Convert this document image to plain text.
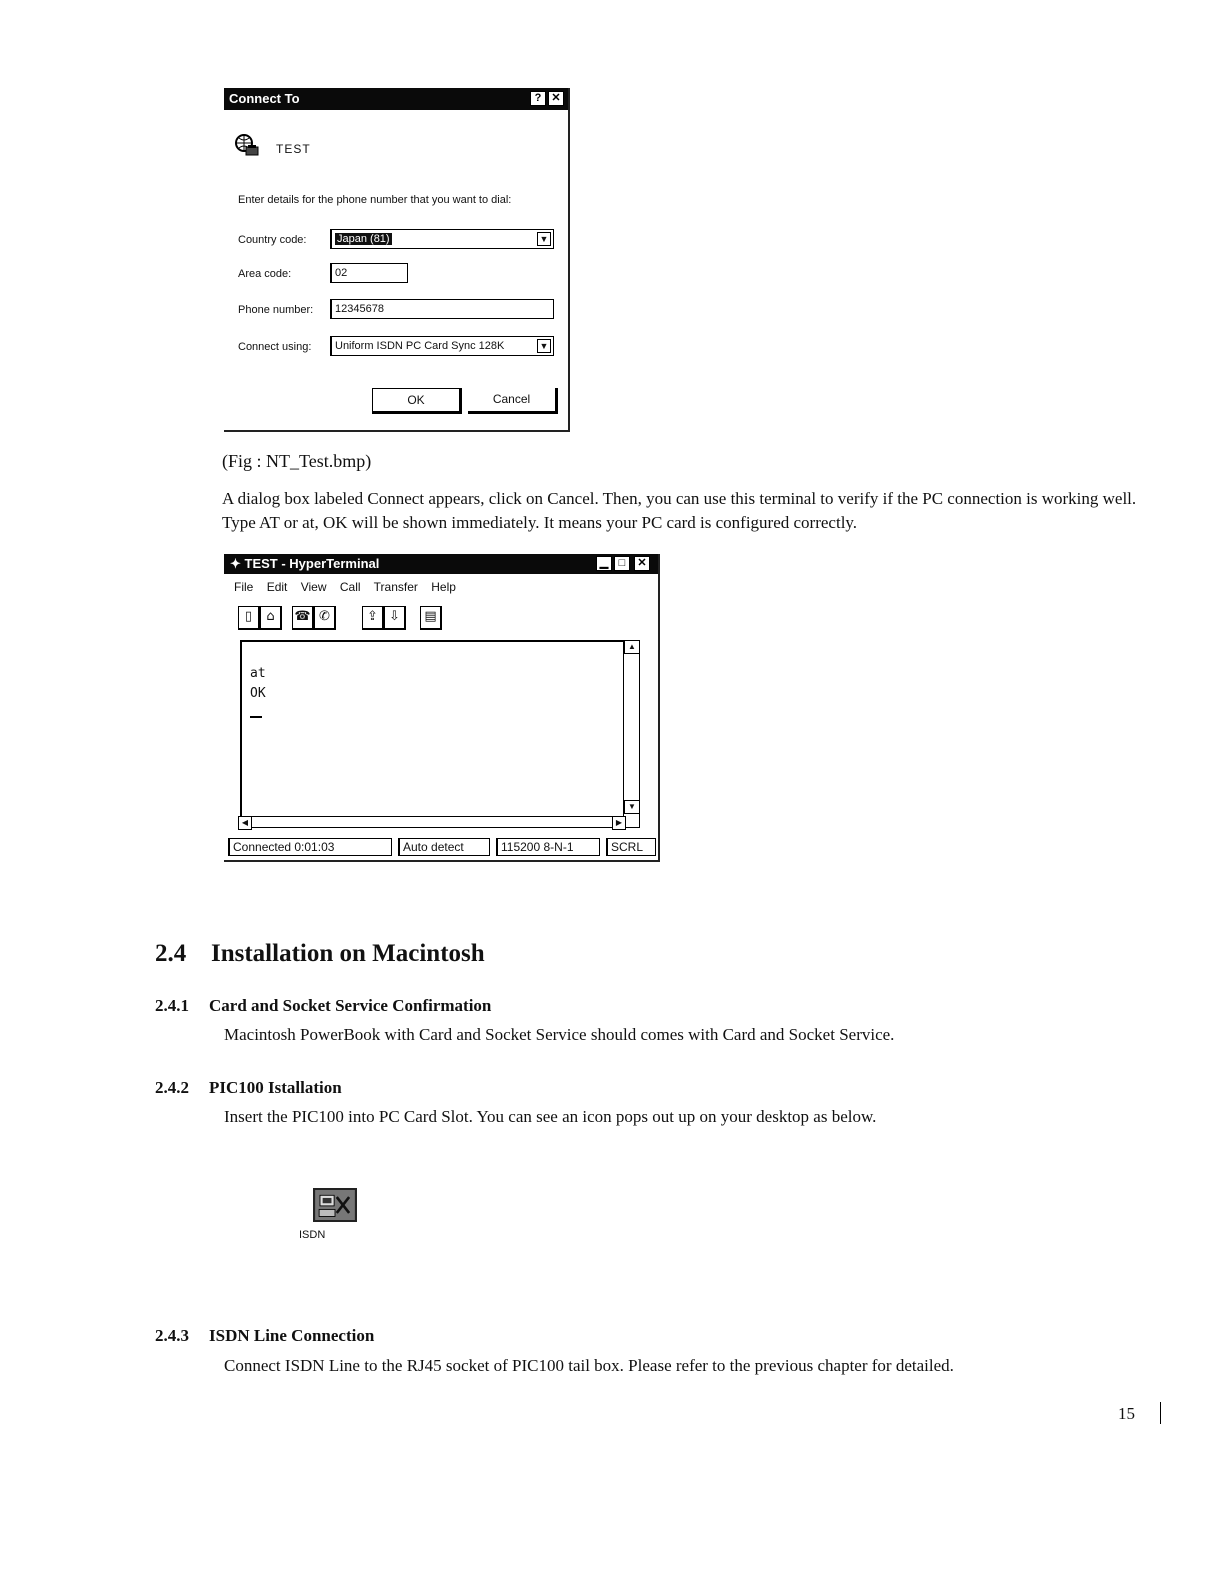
Connect To	? ✕
TEST
Enter details for the phone number that you want to dial:
Country code:	Japan (81)	▼
Area code:	02
Phone number:	12345678
Connect using:	Uniform ISDN PC Card Sync 128K	▼
OK	Cancel
(Fig : NT_Test.bmp)
A dialog box labeled Connect appears, click on Cancel. Then, you can use this terminal to verify if the PC connection is working well. Type AT or at, OK will be shown immediately. It means your PC card is configured correctly.
✦ TEST - HyperTerminal	▁ □	✕
File Edit View Call Transfer Help
▯	⌂	☎ ✆	⇪ ⇩	▤
at
OK
▲
▼
◀	▶
Connected 0:01:03	Auto detect	115200 8-N-1	SCRL
2.4 Installation on Macintosh
2.4.1 Card and Socket Service Confirmation
Macintosh PowerBook with Card and Socket Service should comes with Card and Socket Service.
2.4.2 PIC100 Istallation
Insert the PIC100 into PC Card Slot. You can see an icon pops out up on your desktop as below.
ISDN
2.4.3 ISDN Line Connection
Connect ISDN Line to the RJ45 socket of PIC100 tail box. Please refer to the previous chapter for detailed.
15
